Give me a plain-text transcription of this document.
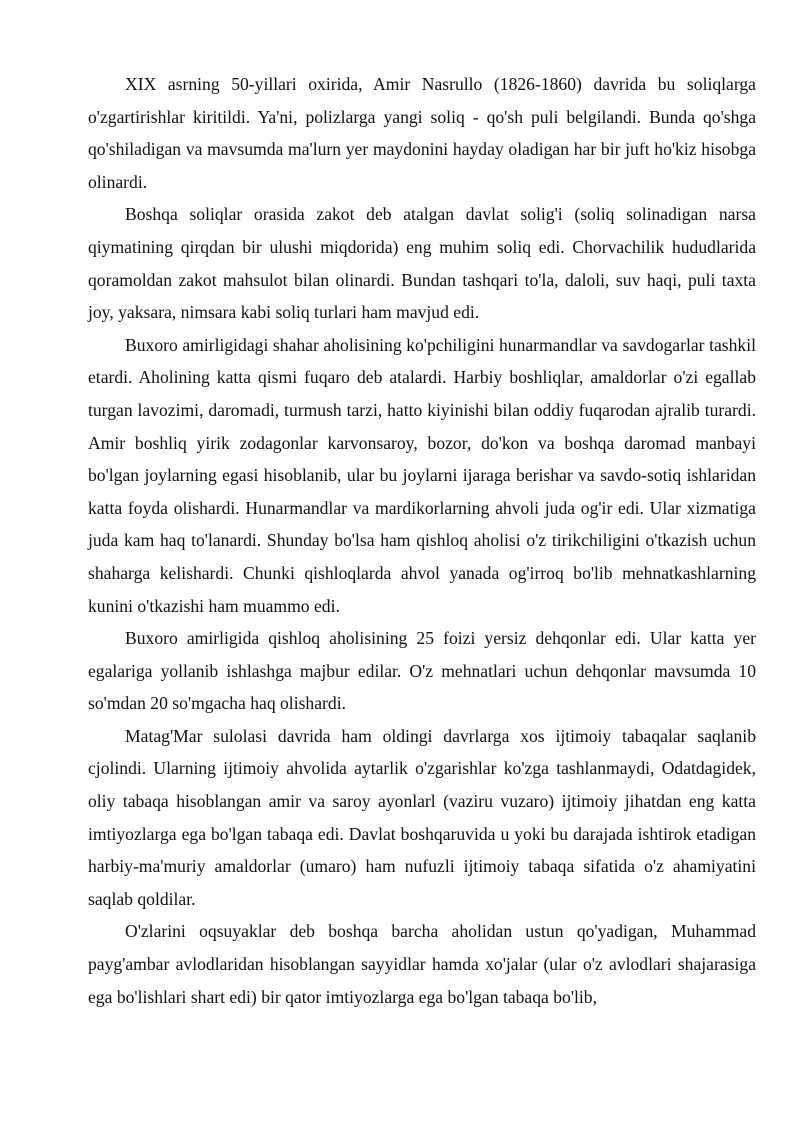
XIX asrning 50-yillari oxirida, Amir Nasrullo (1826-1860) davrida bu soliqlarga o'zgartirishlar kiritildi. Ya'ni, polizlarga yangi soliq - qo'sh puli belgilandi. Bunda qo'shga qo'shiladigan va mavsumda ma'lurn yer maydonini hayday oladigan har bir juft ho'kiz hisobga olinardi.

Boshqa soliqlar orasida zakot deb atalgan davlat solig'i (soliq solinadigan narsa qiymatining qirqdan bir ulushi miqdorida) eng muhim soliq edi. Chorvachilik hududlarida qoramoldan zakot mahsulot bilan olinardi. Bundan tashqari to'la, daloli, suv haqi, puli taxta joy, yaksara, nimsara kabi soliq turlari ham mavjud edi.

Buxoro amirligidagi shahar aholisining ko'pchiligini hunarmandlar va savdogarlar tashkil etardi. Aholining katta qismi fuqaro deb atalardi. Harbiy boshliqlar, amaldorlar o'zi egallab turgan lavozimi, daromadi, turmush tarzi, hatto kiyinishi bilan oddiy fuqarodan ajralib turardi. Amir boshliq yirik zodagonlar karvonsaroy, bozor, do'kon va boshqa daromad manbayi bo'lgan joylarning egasi hisoblanib, ular bu joylarni ijaraga berishar va savdo-sotiq ishlaridan katta foyda olishardi. Hunarmandlar va mardikorlarning ahvoli juda og'ir edi. Ular xizmatiga juda kam haq to'lanardi. Shunday bo'lsa ham qishloq aholisi o'z tirikchiligini o'tkazish uchun shaharga kelishardi. Chunki qishloqlarda ahvol yanada og'irroq bo'lib mehnatkashlarning kunini o'tkazishi ham muammo edi.

Buxoro amirligida qishloq aholisining 25 foizi yersiz dehqonlar edi. Ular katta yer egalariga yollanib ishlashga majbur edilar. O'z mehnatlari uchun dehqonlar mavsumda 10 so'mdan 20 so'mgacha haq olishardi.

Matag'Mar sulolasi davrida ham oldingi davrlarga xos ijtimoiy tabaqalar saqlanib cjolindi. Ularning ijtimoiy ahvolida aytarlik o'zgarishlar ko'zga tashlanmaydi, Odatdagidek, oliy tabaqa hisoblangan amir va saroy ayonlarl (vaziru vuzaro) ijtimoiy jihatdan eng katta imtiyozlarga ega bo'lgan tabaqa edi. Davlat boshqaruvida u yoki bu darajada ishtirok etadigan harbiy-ma'muriy amaldorlar (umaro) ham nufuzli ijtimoiy tabaqa sifatida o'z ahamiyatini saqlab qoldilar.

O'zlarini oqsuyaklar deb boshqa barcha aholidan ustun qo'yadigan, Muhammad payg'ambar avlodlaridan hisoblangan sayyidlar hamda xo'jalar (ular o'z avlodlari shajarasiga ega bo'lishlari shart edi) bir qator imtiyozlarga ega bo'lgan tabaqa bo'lib,
